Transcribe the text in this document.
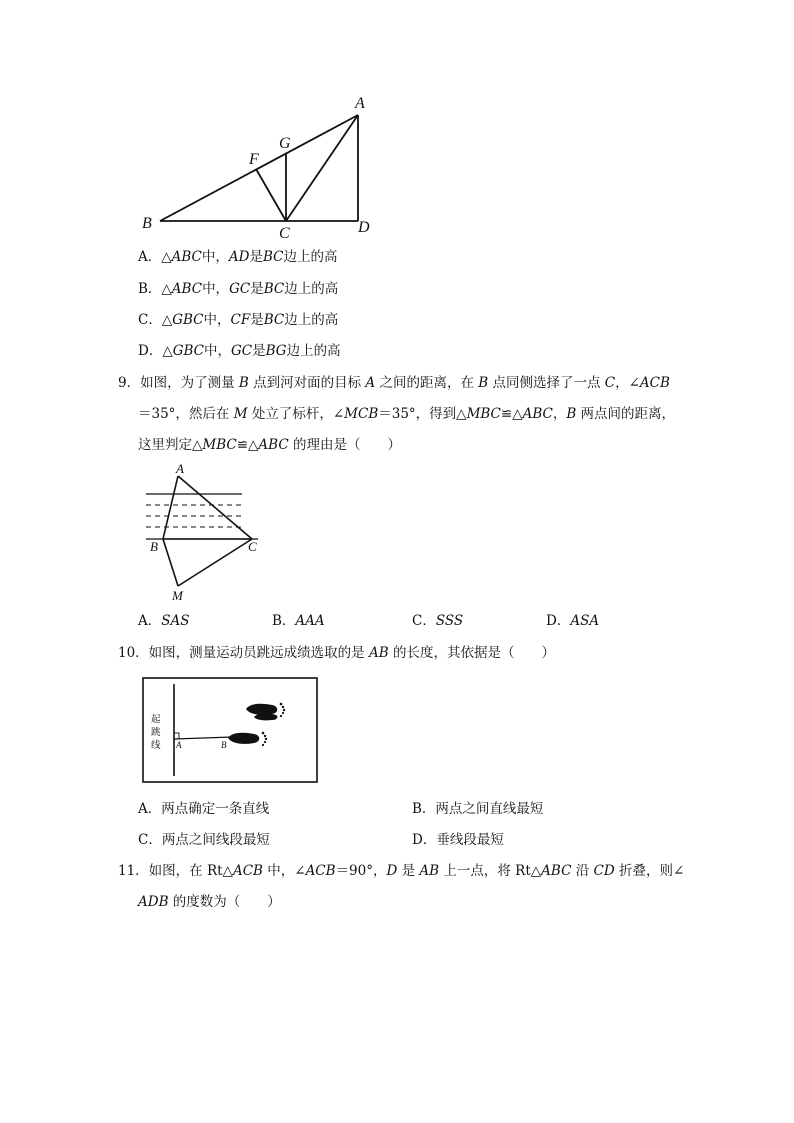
A
B
C	D
F
G
A．△ABC中，AD是BC边上的高
B．△ABC中，GC是BC边上的高
C．△GBC中，CF是BC边上的高
D．△GBC中，GC是BG边上的高
9．如图，为了测量 B 点到河对面的目标 A 之间的距离，在 B 点同侧选择了一点 C，∠ACB
＝35°，然后在 M 处立了标杆，∠MCB＝35°，得到△MBC≌△ABC，B 两点间的距离，
这里判定△MBC≌△ABC 的理由是（　　）
A
B	C
M
A．SAS	B．AAA	C．SSS	D．ASA
10．如图，测量运动员跳远成绩选取的是 AB 的长度，其依据是（　　）
起
跳
线 A	B
A．两点确定一条直线	B．两点之间直线最短
C．两点之间线段最短	D．垂线段最短
11．如图，在 Rt△ACB 中，∠ACB＝90°，D 是 AB 上一点，将 Rt△ABC 沿 CD 折叠，则∠
ADB 的度数为（　　）
